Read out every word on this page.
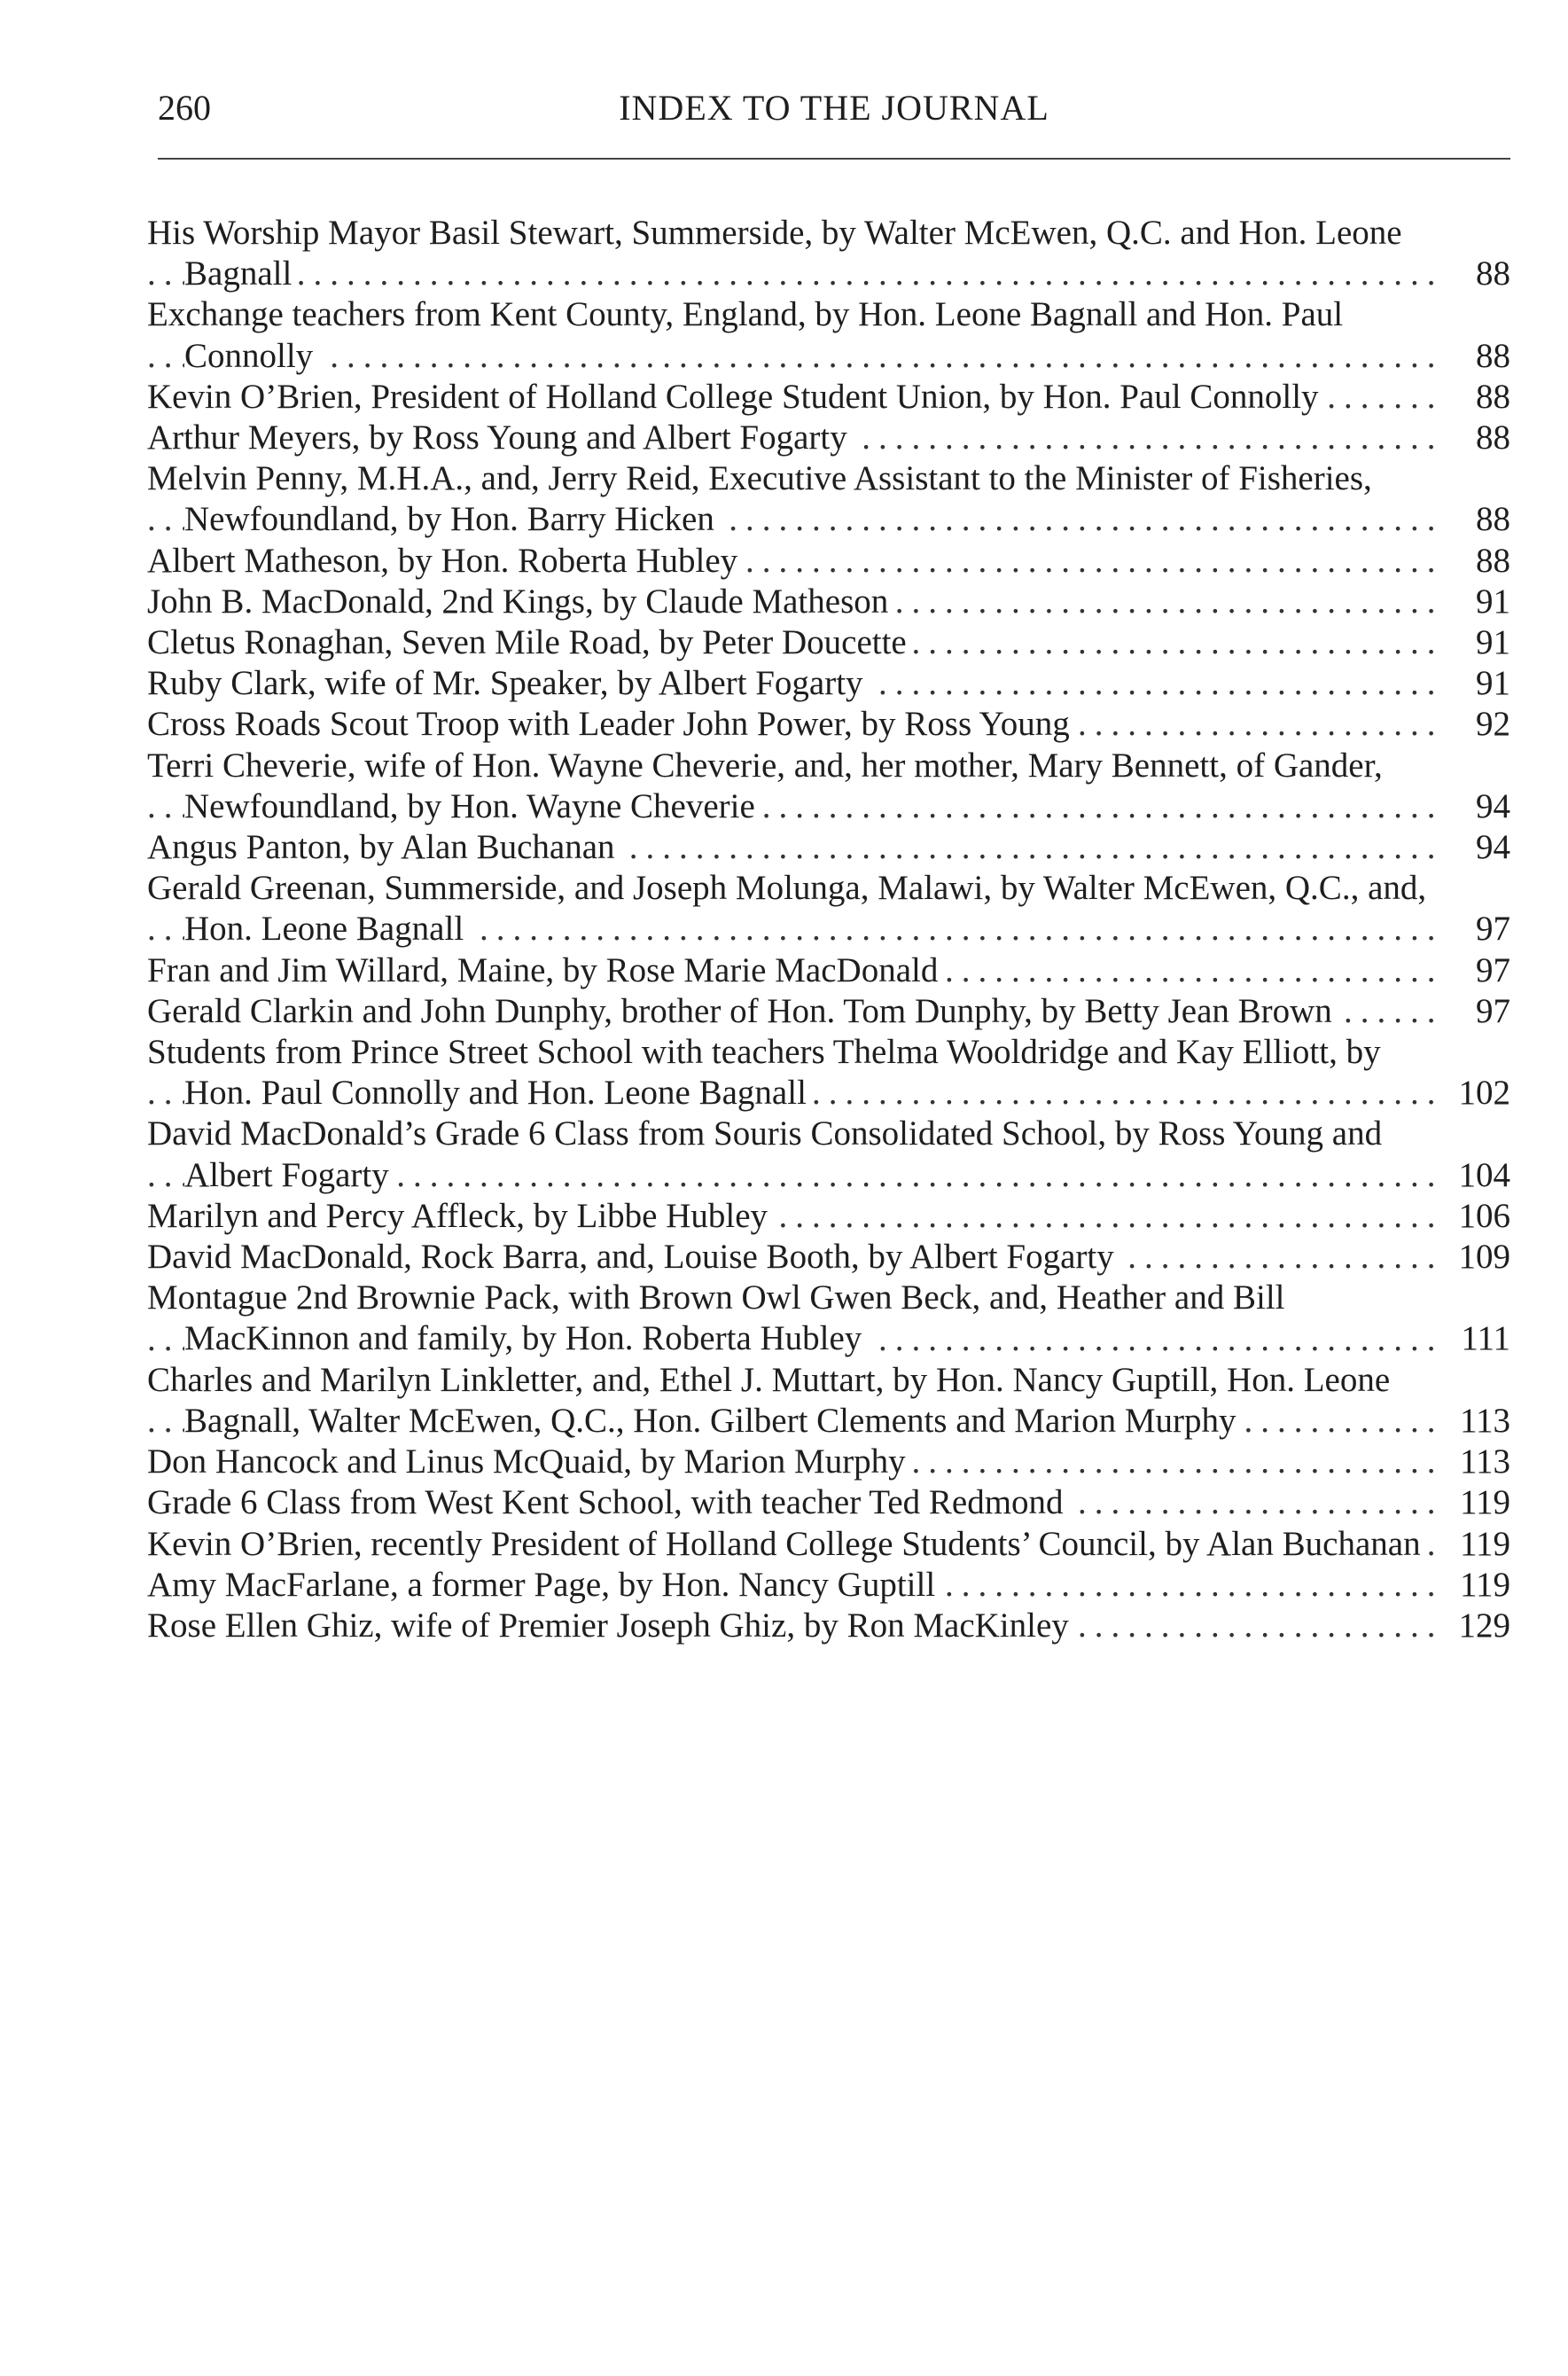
260	INDEX TO THE JOURNAL
His Worship Mayor Basil Stewart, Summerside, by Walter McEwen, Q.C. and Hon. Leone Bagnall .....	88
Exchange teachers from Kent County, England, by Hon. Leone Bagnall and Hon. Paul Connolly .....	88
Kevin O’Brien, President of Holland College Student Union, by Hon. Paul Connolly .....	88
Arthur Meyers, by Ross Young and Albert Fogarty .....	88
Melvin Penny, M.H.A., and, Jerry Reid, Executive Assistant to the Minister of Fisheries, Newfoundland, by Hon. Barry Hicken .....	88
Albert Matheson, by Hon. Roberta Hubley .....	88
John B. MacDonald, 2nd Kings, by Claude Matheson .....	91
Cletus Ronaghan, Seven Mile Road, by Peter Doucette .....	91
Ruby Clark, wife of Mr. Speaker, by Albert Fogarty .....	91
Cross Roads Scout Troop with Leader John Power, by Ross Young .....	92
Terri Cheverie, wife of Hon. Wayne Cheverie, and, her mother, Mary Bennett, of Gander, Newfoundland, by Hon. Wayne Cheverie .....	94
Angus Panton, by Alan Buchanan .....	94
Gerald Greenan, Summerside, and Joseph Molunga, Malawi, by Walter McEwen, Q.C., and, Hon. Leone Bagnall .....	97
Fran and Jim Willard, Maine, by Rose Marie MacDonald .....	97
Gerald Clarkin and John Dunphy, brother of Hon. Tom Dunphy, by Betty Jean Brown .....	97
Students from Prince Street School with teachers Thelma Wooldridge and Kay Elliott, by Hon. Paul Connolly and Hon. Leone Bagnall .....	102
David MacDonald’s Grade 6 Class from Souris Consolidated School, by Ross Young and Albert Fogarty .....	104
Marilyn and Percy Affleck, by Libbe Hubley .....	106
David MacDonald, Rock Barra, and, Louise Booth, by Albert Fogarty .....	109
Montague 2nd Brownie Pack, with Brown Owl Gwen Beck, and, Heather and Bill MacKinnon and family, by Hon. Roberta Hubley .....	111
Charles and Marilyn Linkletter, and, Ethel J. Muttart, by Hon. Nancy Guptill, Hon. Leone Bagnall, Walter McEwen, Q.C., Hon. Gilbert Clements and Marion Murphy .....	113
Don Hancock and Linus McQuaid, by Marion Murphy .....	113
Grade 6 Class from West Kent School, with teacher Ted Redmond .....	119
Kevin O’Brien, recently President of Holland College Students’ Council, by Alan Buchanan ..... 119
Amy MacFarlane, a former Page, by Hon. Nancy Guptill .....	119
Rose Ellen Ghiz, wife of Premier Joseph Ghiz, by Ron MacKinley .....	129
